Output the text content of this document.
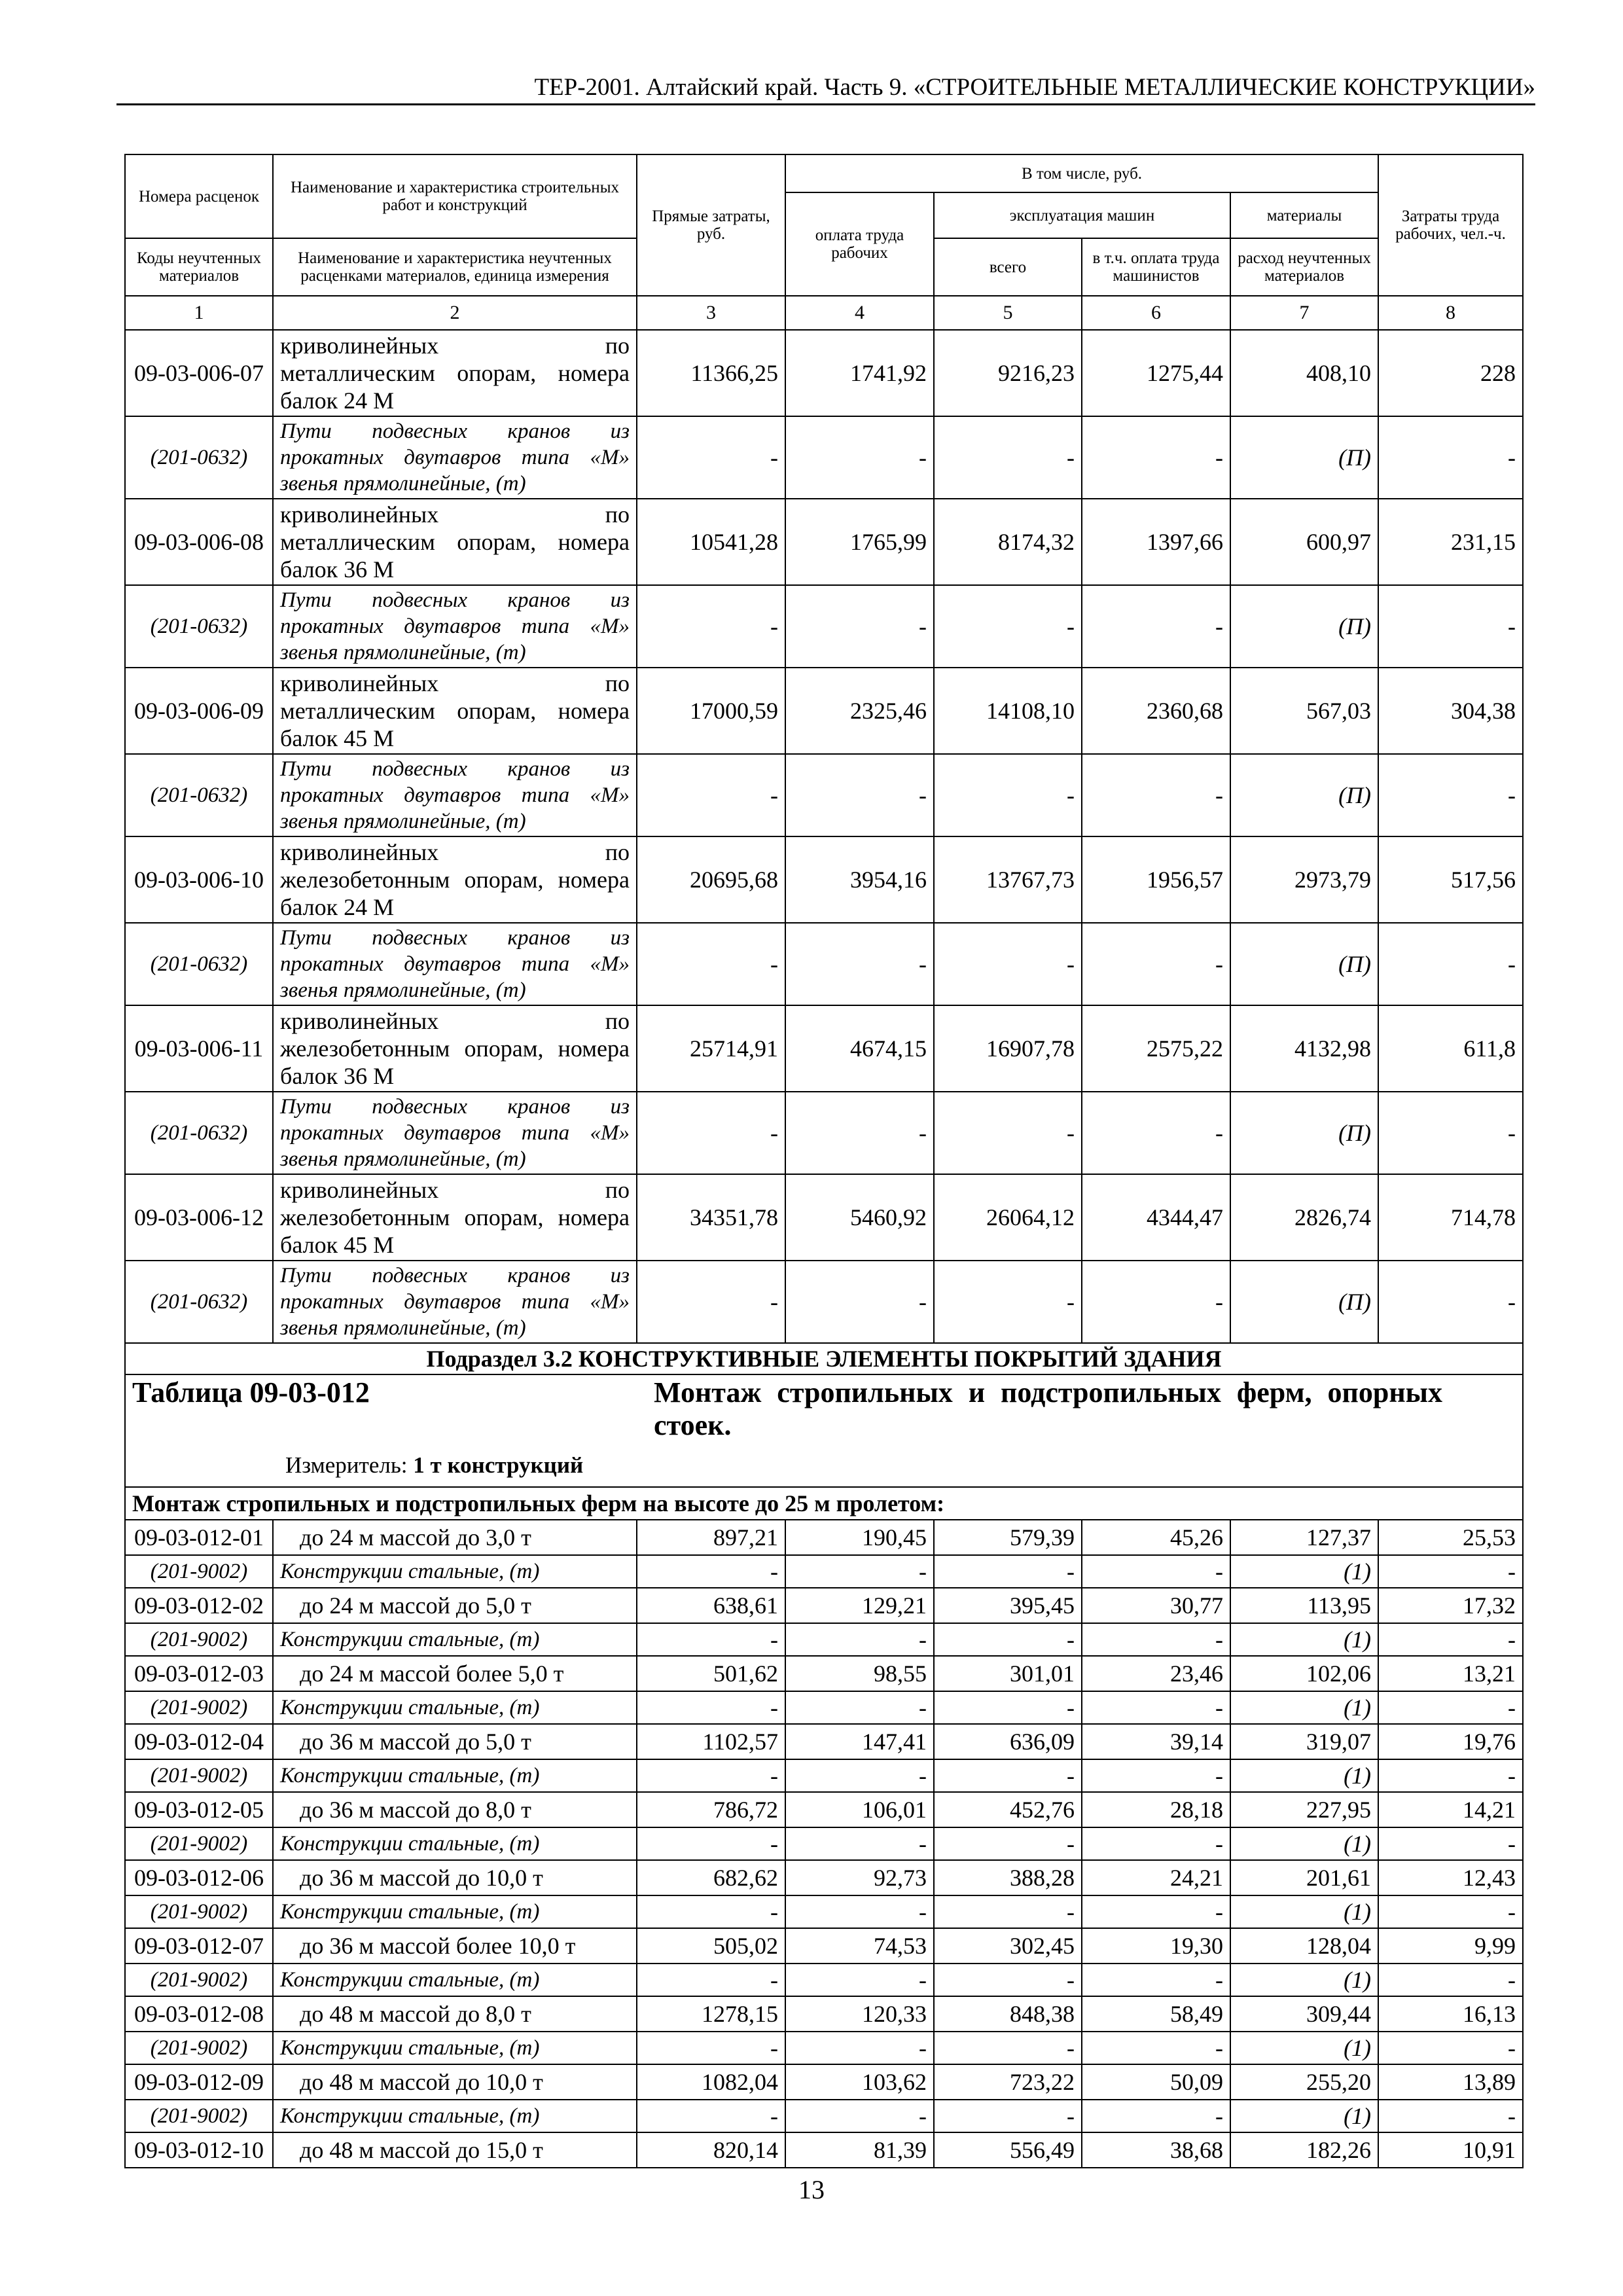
ТЕР-2001. Алтайский край. Часть 9. «СТРОИТЕЛЬНЫЕ МЕТАЛЛИЧЕСКИЕ КОНСТРУКЦИИ»
Номера расценок	Наименование и характеристика строительных работ и конструкций	Прямые затраты, руб.	В том числе, руб.				Затраты труда рабочих, чел.-ч.
			оплата труда рабочих	эксплуатация машин		материалы	
Коды неучтенных материалов	Наименование и характеристика неучтенных расценками материалов, единица измерения			всего	в т.ч. оплата труда машинистов	расход неучтенных материалов	

1	2	3	4	5	6	7	8
09-03-006-07	криволинейных по металлическим опорам, номера балок 24 М	11366,25	1741,92	9216,23	1275,44	408,10	228
(201-0632)	Пути подвесных кранов из прокатных двутавров типа «М» звенья прямолинейные, (т)	-	-	-	-	(П)	-
09-03-006-08	криволинейных по металлическим опорам, номера балок 36 М	10541,28	1765,99	8174,32	1397,66	600,97	231,15
(201-0632)	Пути подвесных кранов из прокатных двутавров типа «М» звенья прямолинейные, (т)	-	-	-	-	(П)	-
09-03-006-09	криволинейных по металлическим опорам, номера балок 45 М	17000,59	2325,46	14108,10	2360,68	567,03	304,38
(201-0632)	Пути подвесных кранов из прокатных двутавров типа «М» звенья прямолинейные, (т)	-	-	-	-	(П)	-
09-03-006-10	криволинейных по железобетонным опорам, номера балок 24 М	20695,68	3954,16	13767,73	1956,57	2973,79	517,56
(201-0632)	Пути подвесных кранов из прокатных двутавров типа «М» звенья прямолинейные, (т)	-	-	-	-	(П)	-
09-03-006-11	криволинейных по железобетонным опорам, номера балок 36 М	25714,91	4674,15	16907,78	2575,22	4132,98	611,8
(201-0632)	Пути подвесных кранов из прокатных двутавров типа «М» звенья прямолинейные, (т)	-	-	-	-	(П)	-
09-03-006-12	криволинейных по железобетонным опорам, номера балок 45 М	34351,78	5460,92	26064,12	4344,47	2826,74	714,78
(201-0632)	Пути подвесных кранов из прокатных двутавров типа «М» звенья прямолинейные, (т)	-	-	-	-	(П)	-
Подраздел 3.2 КОНСТРУКТИВНЫЕ ЭЛЕМЕНТЫ ПОКРЫТИЙ ЗДАНИЯ							

Таблица 09-03-012 Монтаж стропильных и подстропильных ферм, опорных стоек.
Измеритель: 1 т конструкций							

Монтаж стропильных и подстропильных ферм на высоте до 25 м пролетом:							
09-03-012-01	до 24 м массой до 3,0 т	897,21	190,45	579,39	45,26	127,37	25,53
(201-9002)	Конструкции стальные, (т)	-	-	-	-	(1)	-
09-03-012-02	до 24 м массой до 5,0 т	638,61	129,21	395,45	30,77	113,95	17,32
(201-9002)	Конструкции стальные, (т)	-	-	-	-	(1)	-
09-03-012-03	до 24 м массой более 5,0 т	501,62	98,55	301,01	23,46	102,06	13,21
(201-9002)	Конструкции стальные, (т)	-	-	-	-	(1)	-
09-03-012-04	до 36 м массой до 5,0 т	1102,57	147,41	636,09	39,14	319,07	19,76
(201-9002)	Конструкции стальные, (т)	-	-	-	-	(1)	-
09-03-012-05	до 36 м массой до 8,0 т	786,72	106,01	452,76	28,18	227,95	14,21
(201-9002)	Конструкции стальные, (т)	-	-	-	-	(1)	-
09-03-012-06	до 36 м массой до 10,0 т	682,62	92,73	388,28	24,21	201,61	12,43
(201-9002)	Конструкции стальные, (т)	-	-	-	-	(1)	-
09-03-012-07	до 36 м массой более 10,0 т	505,02	74,53	302,45	19,30	128,04	9,99
(201-9002)	Конструкции стальные, (т)	-	-	-	-	(1)	-
09-03-012-08	до 48 м массой до 8,0 т	1278,15	120,33	848,38	58,49	309,44	16,13
(201-9002)	Конструкции стальные, (т)	-	-	-	-	(1)	-
09-03-012-09	до 48 м массой до 10,0 т	1082,04	103,62	723,22	50,09	255,20	13,89
(201-9002)	Конструкции стальные, (т)	-	-	-	-	(1)	-
09-03-012-10	до 48 м массой до 15,0 т	820,14	81,39	556,49	38,68	182,26	10,91
13
